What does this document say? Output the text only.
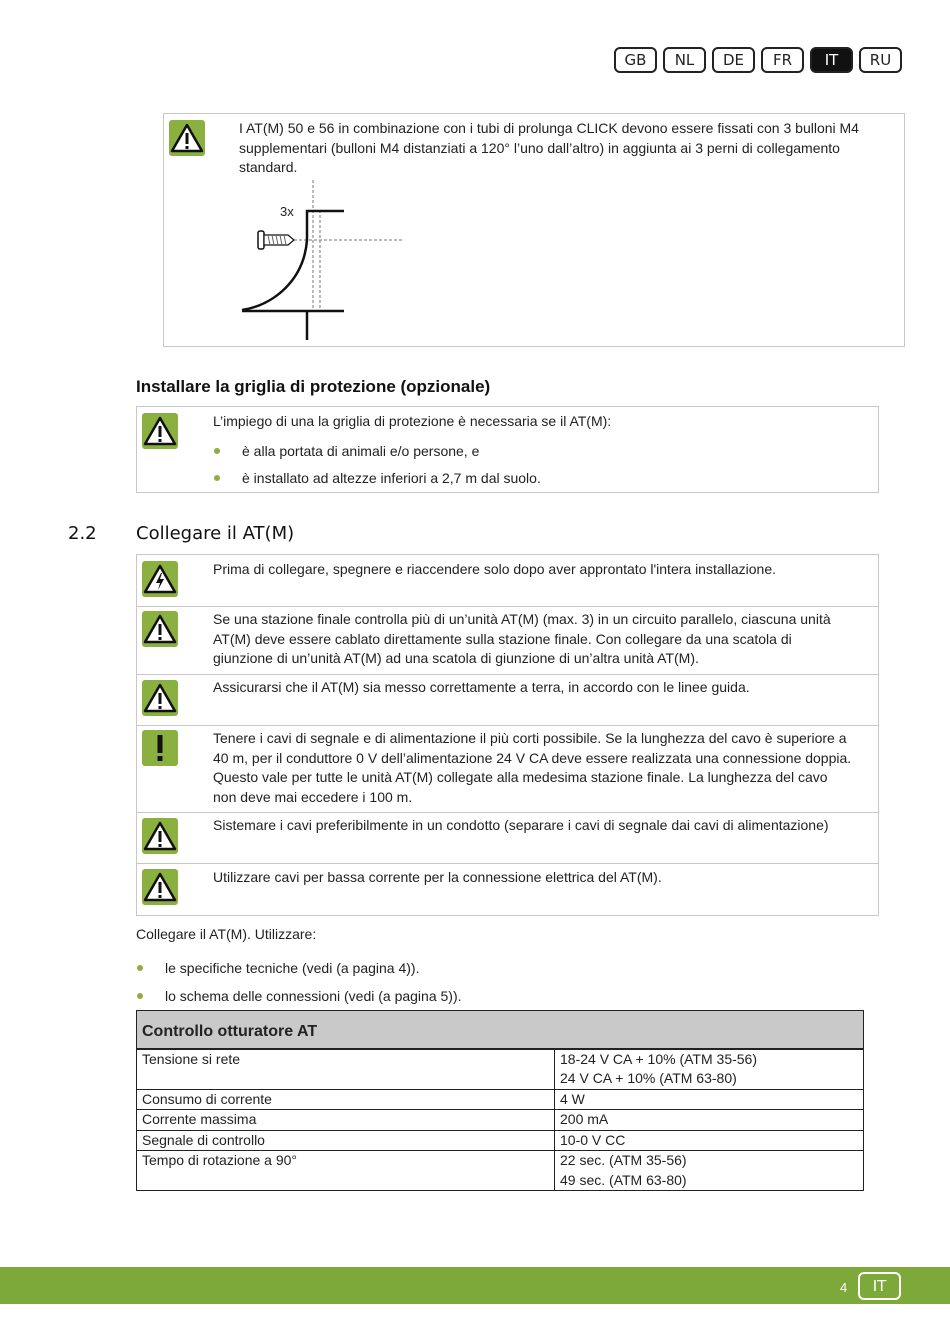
GB	NL	DE	FR	IT	RU
I AT(M) 50 e 56 in combinazione con i tubi di prolunga CLICK devono essere fissati con 3 bulloni M4
supplementari (bulloni M4 distanziati a 120° l’uno dall’altro) in aggiunta ai 3 perni di collegamento
standard.
3x
Installare la griglia di protezione (opzionale)
L’impiego di una la griglia di protezione è necessaria se il AT(M):
è alla portata di animali e/o persone, e
è installato ad altezze inferiori a 2,7 m dal suolo.
2.2 Collegare il AT(M)
Prima di collegare, spegnere e riaccendere solo dopo aver approntato l'intera installazione.
Se una stazione finale controlla più di un’unità AT(M) (max. 3) in un circuito parallelo, ciascuna unità
AT(M) deve essere cablato direttamente sulla stazione finale. Con collegare da una scatola di
giunzione di un’unità AT(M) ad una scatola di giunzione di un’altra unità AT(M).
Assicurarsi che il AT(M) sia messo correttamente a terra, in accordo con le linee guida.
Tenere i cavi di segnale e di alimentazione il più corti possibile. Se la lunghezza del cavo è superiore a
40 m, per il conduttore 0 V dell’alimentazione 24 V CA deve essere realizzata una connessione doppia.
Questo vale per tutte le unità AT(M) collegate alla medesima stazione finale. La lunghezza del cavo
non deve mai eccedere i 100 m.
Sistemare i cavi preferibilmente in un condotto (separare i cavi di segnale dai cavi di alimentazione)
Utilizzare cavi per bassa corrente per la connessione elettrica del AT(M).
Collegare il AT(M). Utilizzare:
le specifiche tecniche (vedi (a pagina 4)).
lo schema delle connessioni (vedi (a pagina 5)).
Controllo otturatore AT	
Tensione si rete	18-24 V CA + 10% (ATM 35-56)
24 V CA + 10% (ATM 63-80)

Consumo di corrente	4 W
Corrente massima	200 mA
Segnale di controllo	10-0 V CC
Tempo di rotazione a 90°	22 sec. (ATM 35-56)
49 sec. (ATM 63-80)
4	IT
